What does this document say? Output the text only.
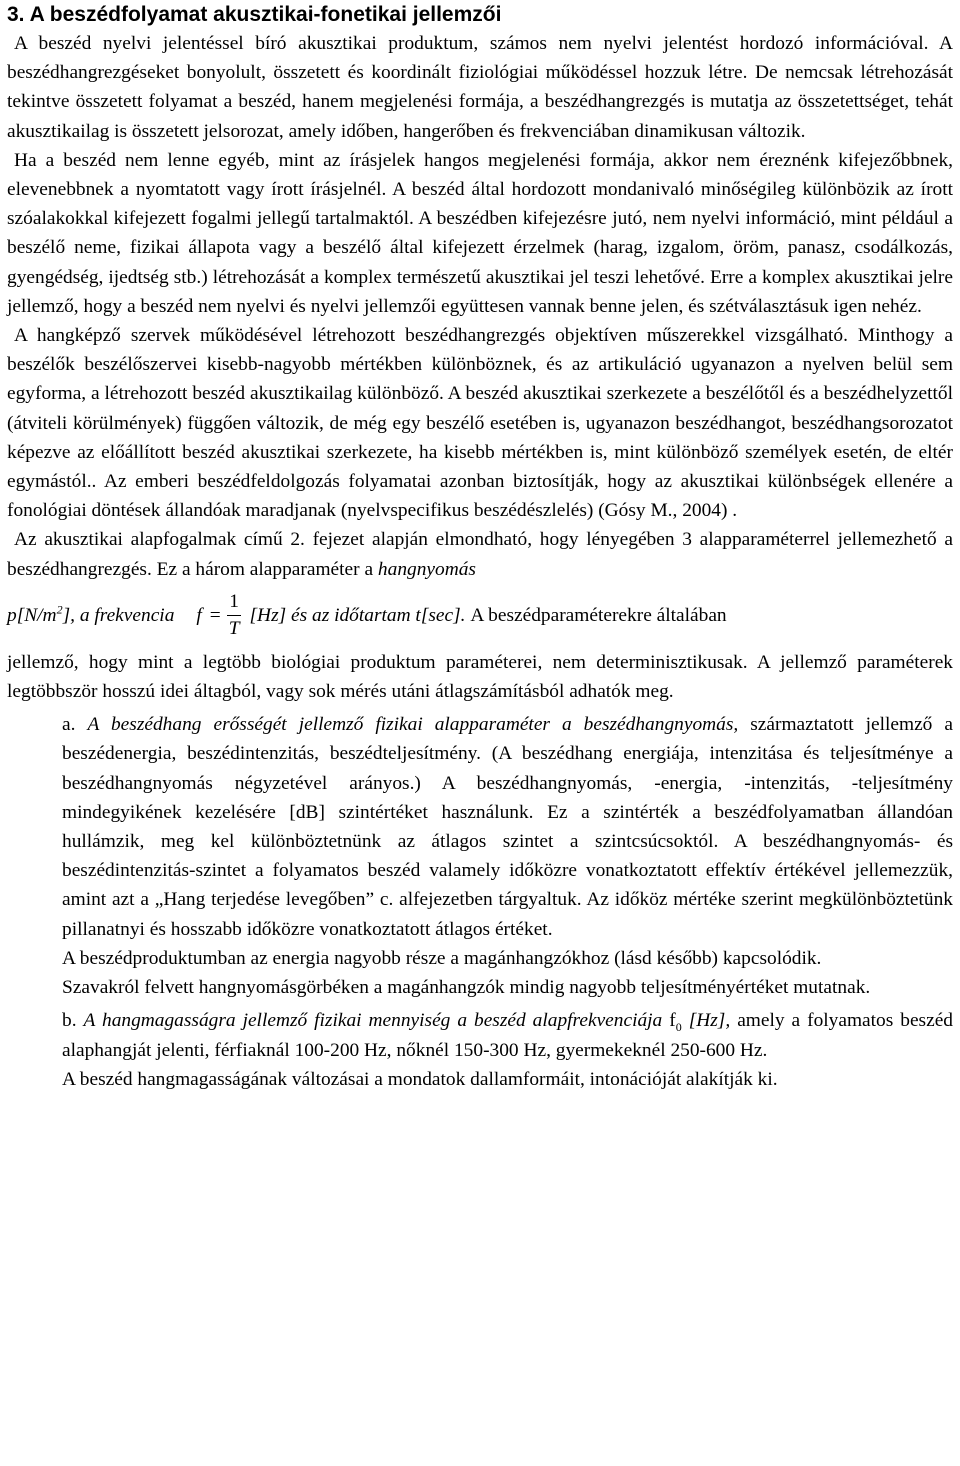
3. A beszédfolyamat akusztikai-fonetikai jellemzői

A beszéd nyelvi jelentéssel bíró akusztikai produktum, számos nem nyelvi jelentést hordozó információval. A beszédhangrezgéseket bonyolult, összetett és koordinált fiziológiai működéssel hozzuk létre. De nemcsak létrehozását tekintve összetett folyamat a beszéd, hanem megjelenési formája, a beszédhangrezgés is mutatja az összetettséget, tehát akusztikailag is összetett jelsorozat, amely időben, hangerőben és frekvenciában dinamikusan változik.

Ha a beszéd nem lenne egyéb, mint az írásjelek hangos megjelenési formája, akkor nem éreznénk kifejezőbbnek, elevenebbnek a nyomtatott vagy írott írásjelnél. A beszéd által hordozott mondanivaló minőségileg különbözik az írott szóalakokkal kifejezett fogalmi jellegű tartalmaktól. A beszédben kifejezésre jutó, nem nyelvi információ, mint például a beszélő neme, fizikai állapota vagy a beszélő által kifejezett érzelmek (harag, izgalom, öröm, panasz, csodálkozás, gyengédség, ijedtség stb.) létrehozását a komplex természetű akusztikai jel teszi lehetővé. Erre a komplex akusztikai jelre jellemző, hogy a beszéd nem nyelvi és nyelvi jellemzői együttesen vannak benne jelen, és szétválasztásuk igen nehéz.

A hangképző szervek működésével létrehozott beszédhangrezgés objektíven műszerekkel vizsgálható. Minthogy a beszélők beszélőszervei kisebb-nagyobb mértékben különböznek, és az artikuláció ugyanazon a nyelven belül sem egyforma, a létrehozott beszéd akusztikailag különböző. A beszéd akusztikai szerkezete a beszélőtől és a beszédhelyzettől (átviteli körülmények) függően változik, de még egy beszélő esetében is, ugyanazon beszédhangot, beszédhangsorozatot képezve az előállított beszéd akusztikai szerkezete, ha kisebb mértékben is, mint különböző személyek esetén, de eltér egymástól.. Az emberi beszédfeldolgozás folyamatai azonban biztosítják, hogy az akusztikai különbségek ellenére a fonológiai döntések állandóak maradjanak (nyelvspecifikus beszédészlelés) (Gósy M., 2004) .

Az akusztikai alapfogalmak című 2. fejezet alapján elmondható, hogy lényegében 3 alapparaméterrel jellemezhető a beszédhangrezgés. Ez a három alapparaméter a hangnyomás

$p[N/m^2]$, a frekvencia $f = \frac{1}{T} [Hz]$ és az időtartam t[sec].
A beszédparaméterekre általában

jellemző, hogy mint a legtöbb biológiai produktum paraméterei, nem determinisztikusak. A jellemző paraméterek legtöbbször hosszú idei áltagból, vagy sok mérés utáni átlagszámításból adhatók meg.

a. A beszédhang erősségét jellemző fizikai alapparaméter a beszédhangnyomás, származtatott jellemző a beszédenergia, beszédintenzitás, beszédteljesítmény. (A beszédhang energiája, intenzitása és teljesítménye a beszédhangnyomás négyzetével arányos.) A beszédhangnyomás, -energia, -intenzitás, -teljesítmény mindegyikének kezelésére [dB] szintértéket használunk. Ez a szintérték a beszédfolyamatban állandóan hullámzik, meg kel különböztetnünk az átlagos szintet a szintcsúcsoktól. A beszédhangnyomás- és beszédintenzitás-szintet a folyamatos beszéd valamely időközre vonatkoztatott effektív értékével jellemezzük, amint azt a „Hang terjedése levegőben” c. alfejezetben tárgyaltuk. Az időköz mértéke szerint megkülönböztetünk pillanatnyi és hosszabb időközre vonatkoztatott átlagos értéket.

A beszédproduktumban az energia nagyobb része a magánhangzókhoz (lásd később) kapcsolódik.

Szavakról felvett hangnyomásgörbéken a magánhangzók mindig nagyobb teljesítményértéket mutatnak.

b. A hangmagasságra jellemző fizikai mennyiség a beszéd alapfrekvenciája $f_0$ [Hz], amely a folyamatos beszéd alaphangját jelenti, férfiaknál 100-200 Hz, nőknél 150-300 Hz, gyermekeknél 250-600 Hz.

A beszéd hangmagasságának változásai a mondatok dallamformáit, intonációját alakítják ki.
